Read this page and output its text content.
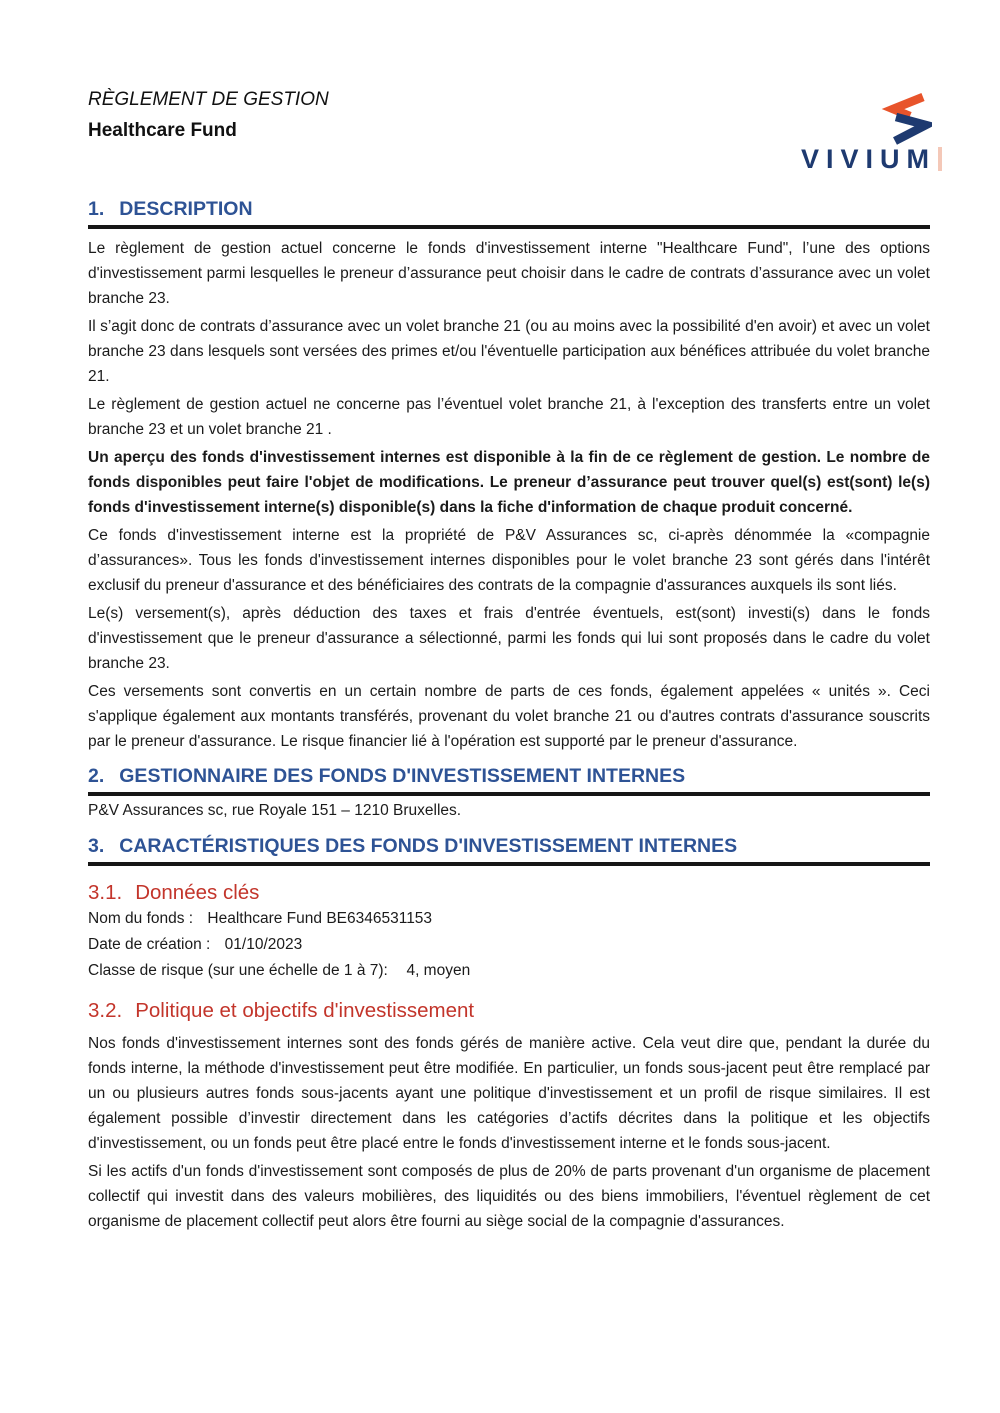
RÈGLEMENT DE GESTION
Healthcare Fund
VIVIUM
1. DESCRIPTION

Le règlement de gestion actuel concerne le fonds d'investissement interne "Healthcare Fund", l’une des options d'investissement parmi lesquelles le preneur d’assurance peut choisir dans le cadre de contrats d’assurance avec un volet branche 23.

Il s’agit donc de contrats d’assurance avec un volet branche 21 (ou au moins avec la possibilité d'en avoir) et avec un volet branche 23 dans lesquels sont versées des primes et/ou l'éventuelle participation aux bénéfices attribuée du volet branche 21.

Le règlement de gestion actuel ne concerne pas l’éventuel volet branche 21, à l'exception des transferts entre un volet branche 23 et un volet branche 21 .

Un aperçu des fonds d'investissement internes est disponible à la fin de ce règlement de gestion. Le nombre de fonds disponibles peut faire l'objet de modifications. Le preneur d’assurance peut trouver quel(s) est(sont) le(s) fonds d'investissement interne(s) disponible(s) dans la fiche d'information de chaque produit concerné.

Ce fonds d'investissement interne est la propriété de P&V Assurances sc, ci-après dénommée la «compagnie d’assurances». Tous les fonds d'investissement internes disponibles pour le volet branche 23 sont gérés dans l'intérêt exclusif du preneur d'assurance et des bénéficiaires des contrats de la compagnie d'assurances auxquels ils sont liés.

Le(s) versement(s), après déduction des taxes et frais d'entrée éventuels, est(sont) investi(s) dans le fonds d'investissement que le preneur d'assurance a sélectionné, parmi les fonds qui lui sont proposés dans le cadre du volet branche 23.

Ces versements sont convertis en un certain nombre de parts de ces fonds, également appelées « unités ». Ceci s'applique également aux montants transférés, provenant du volet branche 21 ou d'autres contrats d'assurance souscrits par le preneur d'assurance. Le risque financier lié à l'opération est supporté par le preneur d'assurance.

2. GESTIONNAIRE DES FONDS D'INVESTISSEMENT INTERNES
P&V Assurances sc, rue Royale 151 – 1210 Bruxelles.
3. CARACTÉRISTIQUES DES FONDS D'INVESTISSEMENT INTERNES
3.1. Données clés
Nom du fonds : Healthcare Fund BE6346531153
Date de création : 01/10/2023
Classe de risque (sur une échelle de 1 à 7): 4, moyen
3.2. Politique et objectifs d'investissement

Nos fonds d'investissement internes sont des fonds gérés de manière active. Cela veut dire que, pendant la durée du fonds interne, la méthode d'investissement peut être modifiée. En particulier, un fonds sous-jacent peut être remplacé par un ou plusieurs autres fonds sous-jacents ayant une politique d'investissement et un profil de risque similaires. Il est également possible d’investir directement dans les catégories d’actifs décrites dans la politique et les objectifs d'investissement, ou un fonds peut être placé entre le fonds d'investissement interne et le fonds sous-jacent.

Si les actifs d'un fonds d'investissement sont composés de plus de 20% de parts provenant d'un organisme de placement collectif qui investit dans des valeurs mobilières, des liquidités ou des biens immobiliers, l'éventuel règlement de cet organisme de placement collectif peut alors être fourni au siège social de la compagnie d'assurances.
